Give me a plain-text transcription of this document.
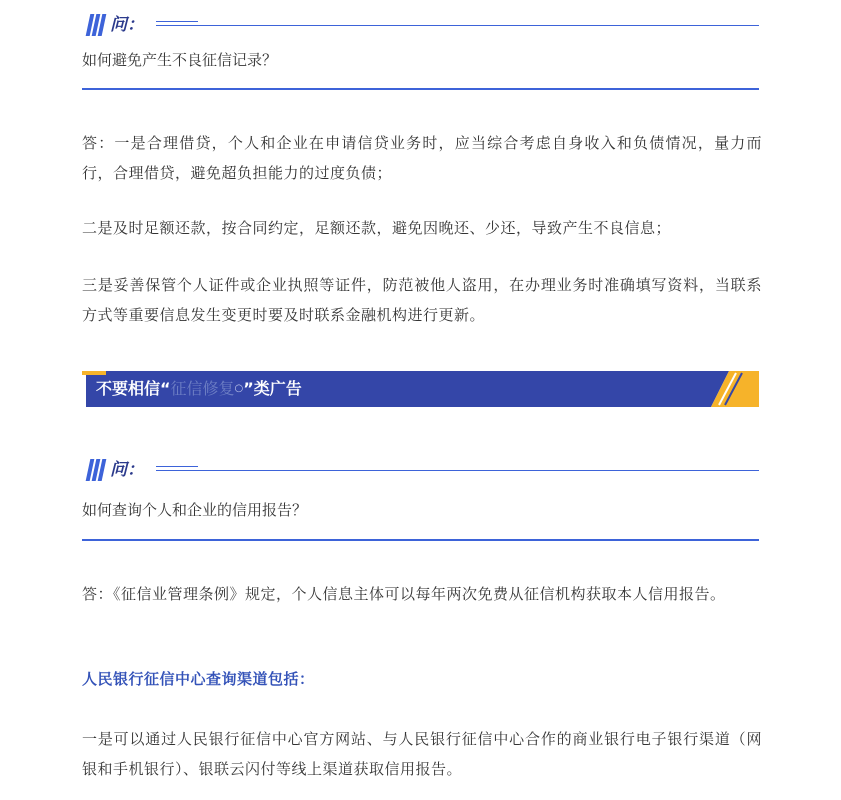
问：
如何避免产生不良征信记录？
答：一是合理借贷，个人和企业在申请信贷业务时，应当综合考虑自身收入和负债情况，量力而行，合理借贷，避免超负担能力的过度负债；
二是及时足额还款，按合同约定，足额还款，避免因晚还、少还，导致产生不良信息；
三是妥善保管个人证件或企业执照等证件，防范被他人盗用，在办理业务时准确填写资料，当联系方式等重要信息发生变更时要及时联系金融机构进行更新。
不要相信“征信修复○”类广告
问：
如何查询个人和企业的信用报告？
答：《征信业管理条例》规定，个人信息主体可以每年两次免费从征信机构获取本人信用报告。
人民银行征信中心查询渠道包括：
一是可以通过人民银行征信中心官方网站、与人民银行征信中心合作的商业银行电子银行渠道（网银和手机银行）、银联云闪付等线上渠道获取信用报告。
